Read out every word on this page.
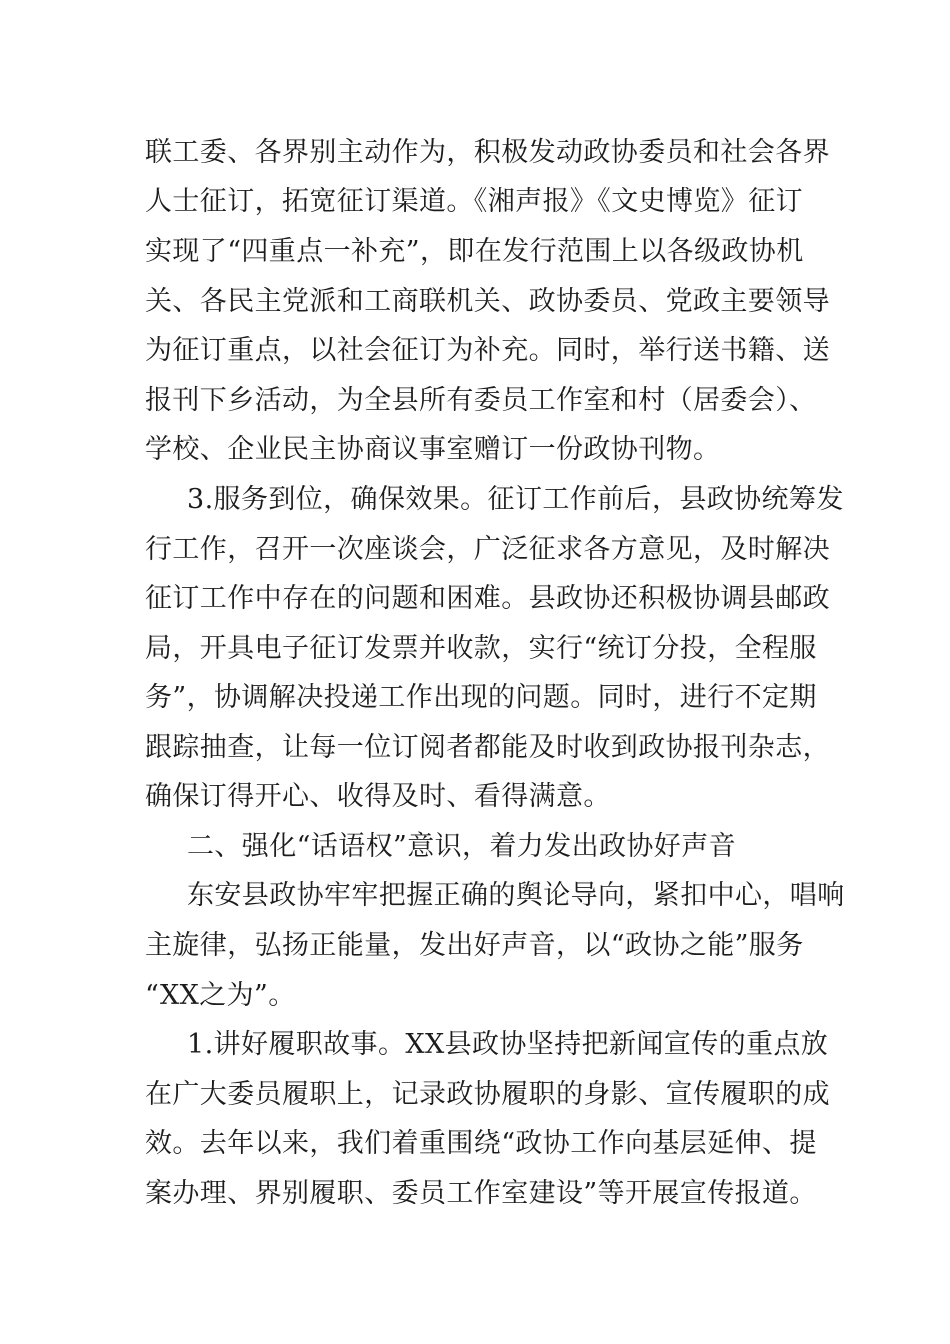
联工委、各界别主动作为，积极发动政协委员和社会各界

人士征订，拓宽征订渠道。《湘声报》《文史博览》征订

实现了“四重点一补充”，即在发行范围上以各级政协机

关、各民主党派和工商联机关、政协委员、党政主要领导

为征订重点，以社会征订为补充。同时，举行送书籍、送

报刊下乡活动，为全县所有委员工作室和村（居委会）、

学校、企业民主协商议事室赠订一份政协刊物。

3.服务到位，确保效果。征订工作前后，县政协统筹发

行工作，召开一次座谈会，广泛征求各方意见，及时解决

征订工作中存在的问题和困难。县政协还积极协调县邮政

局，开具电子征订发票并收款，实行“统订分投，全程服

务”，协调解决投递工作出现的问题。同时，进行不定期

跟踪抽查，让每一位订阅者都能及时收到政协报刊杂志，

确保订得开心、收得及时、看得满意。

二、强化“话语权”意识，着力发出政协好声音

东安县政协牢牢把握正确的舆论导向，紧扣中心，唱响

主旋律，弘扬正能量，发出好声音，以“政协之能”服务

“XX之为”。

1.讲好履职故事。XX县政协坚持把新闻宣传的重点放

在广大委员履职上，记录政协履职的身影、宣传履职的成

效。去年以来，我们着重围绕“政协工作向基层延伸、提

案办理、界别履职、委员工作室建设”等开展宣传报道。
